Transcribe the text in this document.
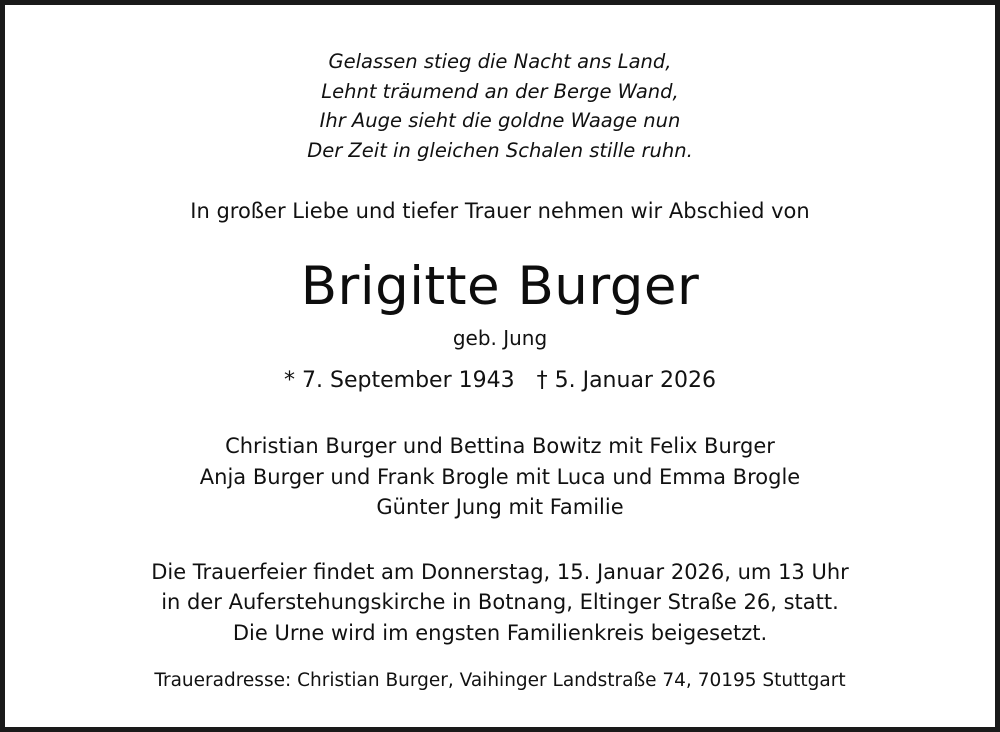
Gelassen stieg die Nacht ans Land,
Lehnt träumend an der Berge Wand,
Ihr Auge sieht die goldne Waage nun
Der Zeit in gleichen Schalen stille ruhn.
In großer Liebe und tiefer Trauer nehmen wir Abschied von
Brigitte Burger
geb. Jung
* 7. September 1943 † 5. Januar 2026
Christian Burger und Bettina Bowitz mit Felix Burger
Anja Burger und Frank Brogle mit Luca und Emma Brogle
Günter Jung mit Familie
Die Trauerfeier findet am Donnerstag, 15. Januar 2026, um 13 Uhr
in der Auferstehungskirche in Botnang, Eltinger Straße 26, statt.
Die Urne wird im engsten Familienkreis beigesetzt.
Traueradresse: Christian Burger, Vaihinger Landstraße 74, 70195 Stuttgart
